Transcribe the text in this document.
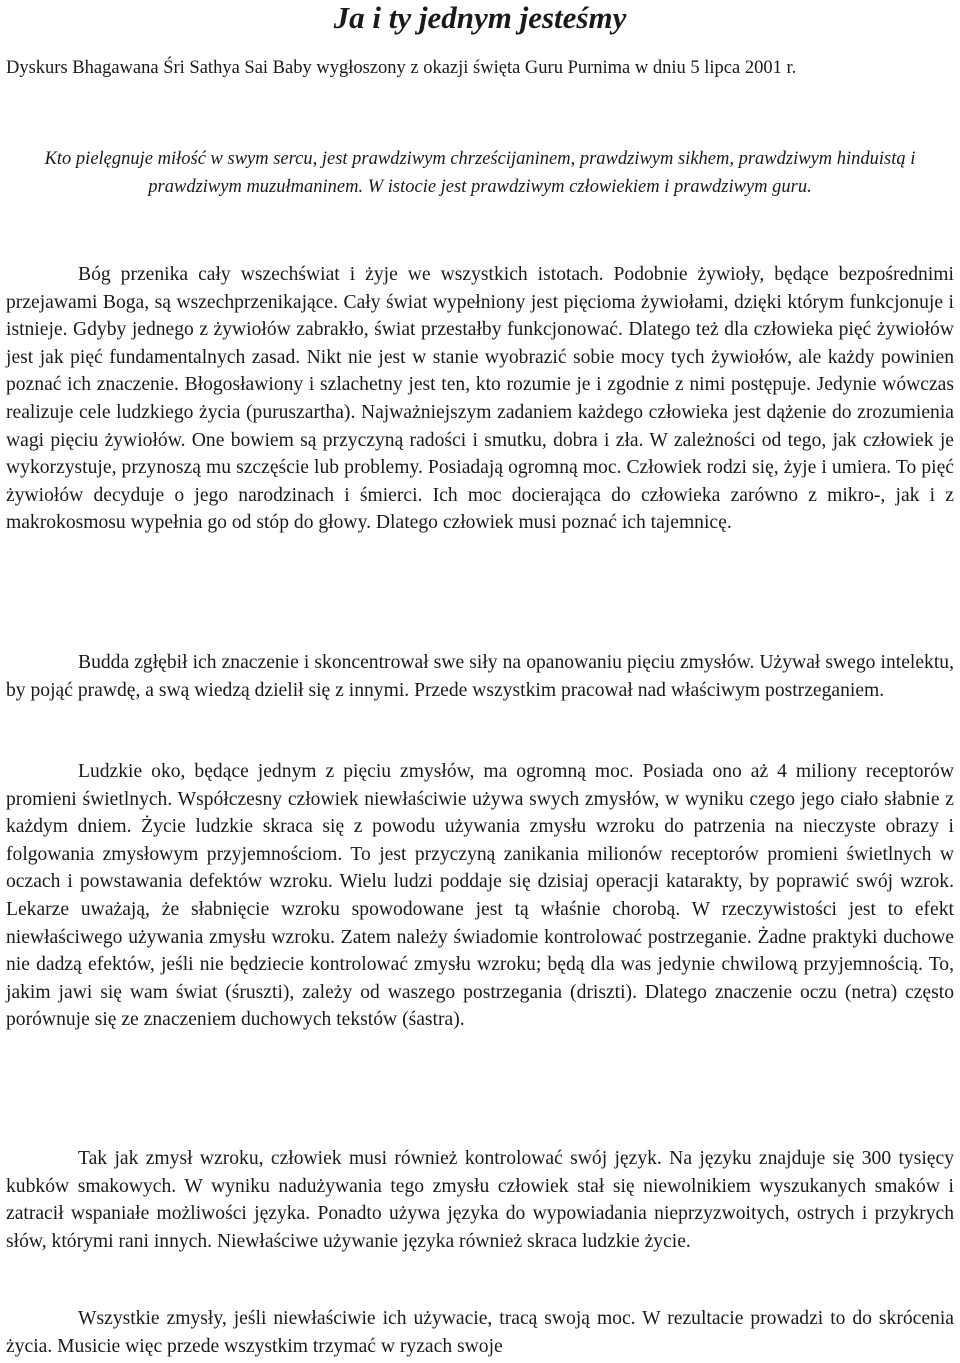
Ja i ty jednym jesteśmy

Dyskurs Bhagawana Śri Sathya Sai Baby wygłoszony z okazji święta Guru Purnima w dniu 5 lipca 2001 r.

Kto pielęgnuje miłość w swym sercu, jest prawdziwym chrześcijaninem, prawdziwym sikhem, prawdziwym hinduistą i prawdziwym muzułmaninem. W istocie jest prawdziwym człowiekiem i prawdziwym guru.

Bóg przenika cały wszechświat i żyje we wszystkich istotach. Podobnie żywioły, będące bezpośrednimi przejawami Boga, są wszechprzenikające. Cały świat wypełniony jest pięcioma żywiołami, dzięki którym funkcjonuje i istnieje. Gdyby jednego z żywiołów zabrakło, świat przestałby funkcjonować. Dlatego też dla człowieka pięć żywiołów jest jak pięć fundamentalnych zasad. Nikt nie jest w stanie wyobrazić sobie mocy tych żywiołów, ale każdy powinien poznać ich znaczenie. Błogosławiony i szlachetny jest ten, kto rozumie je i zgodnie z nimi postępuje. Jedynie wówczas realizuje cele ludzkiego życia (puruszartha). Najważniejszym zadaniem każdego człowieka jest dążenie do zrozumienia wagi pięciu żywiołów. One bowiem są przyczyną radości i smutku, dobra i zła. W zależności od tego, jak człowiek je wykorzystuje, przynoszą mu szczęście lub problemy. Posiadają ogromną moc. Człowiek rodzi się, żyje i umiera. To pięć żywiołów decyduje o jego narodzinach i śmierci. Ich moc docierająca do człowieka zarówno z mikro-, jak i z makrokosmosu wypełnia go od stóp do głowy. Dlatego człowiek musi poznać ich tajemnicę.

Budda zgłębił ich znaczenie i skoncentrował swe siły na opanowaniu pięciu zmysłów. Używał swego intelektu, by pojąć prawdę, a swą wiedzą dzielił się z innymi. Przede wszystkim pracował nad właściwym postrzeganiem.

Ludzkie oko, będące jednym z pięciu zmysłów, ma ogromną moc. Posiada ono aż 4 miliony receptorów promieni świetlnych. Współczesny człowiek niewłaściwie używa swych zmysłów, w wyniku czego jego ciało słabnie z każdym dniem. Życie ludzkie skraca się z powodu używania zmysłu wzroku do patrzenia na nieczyste obrazy i folgowania zmysłowym przyjemnościom. To jest przyczyną zanikania milionów receptorów promieni świetlnych w oczach i powstawania defektów wzroku. Wielu ludzi poddaje się dzisiaj operacji katarakty, by poprawić swój wzrok. Lekarze uważają, że słabnięcie wzroku spowodowane jest tą właśnie chorobą. W rzeczywistości jest to efekt niewłaściwego używania zmysłu wzroku. Zatem należy świadomie kontrolować postrzeganie. Żadne praktyki duchowe nie dadzą efektów, jeśli nie będziecie kontrolować zmysłu wzroku; będą dla was jedynie chwilową przyjemnością. To, jakim jawi się wam świat (śruszti), zależy od waszego postrzegania (driszti). Dlatego znaczenie oczu (netra) często porównuje się ze znaczeniem duchowych tekstów (śastra).

Tak jak zmysł wzroku, człowiek musi również kontrolować swój język. Na języku znajduje się 300 tysięcy kubków smakowych. W wyniku nadużywania tego zmysłu człowiek stał się niewolnikiem wyszukanych smaków i zatracił wspaniałe możliwości języka. Ponadto używa języka do wypowiadania nieprzyzwoitych, ostrych i przykrych słów, którymi rani innych. Niewłaściwe używanie języka również skraca ludzkie życie.

Wszystkie zmysły, jeśli niewłaściwie ich używacie, tracą swoją moc. W rezultacie prowadzi to do skrócenia życia. Musicie więc przede wszystkim trzymać w ryzach swoje
